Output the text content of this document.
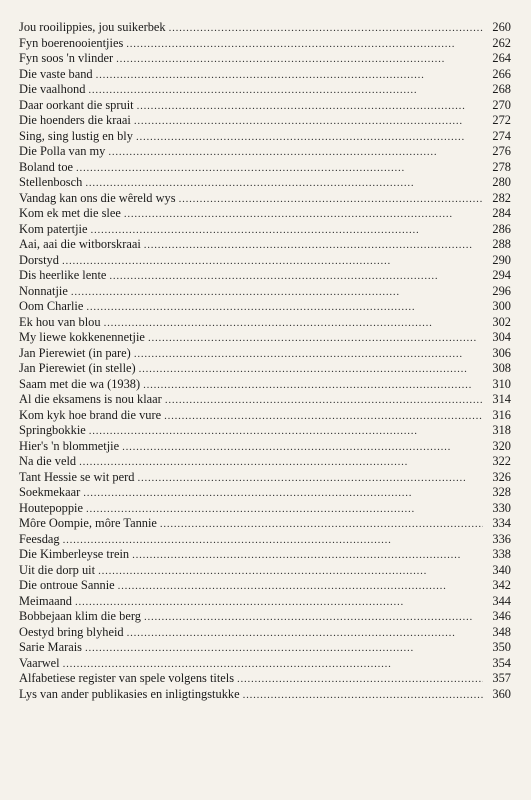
Jou rooilippies, jou suikerbek . . .	260
Fyn boerenooientjies . . .	262
Fyn soos 'n vlinder . . .	264
Die vaste band . . .	266
Die vaalhond . . .	268
Daar oorkant die spruit . . .	270
Die hoenders die kraai . . .	272
Sing, sing lustig en bly . . .	274
Die Polla van my . . .	276
Boland toe . . .	278
Stellenbosch . . .	280
Vandag kan ons die wêreld wys . . .	282
Kom ek met die slee . . .	284
Kom patertjie . . .	286
Aai, aai die witborskraai . . .	288
Dorstyd . . .	290
Dis heerlike lente . . .	294
Nonnatjie . . .	296
Oom Charlie . . .	300
Ek hou van blou . . .	302
My liewe kokkenennetjie . . .	304
Jan Pierewiet (in pare) . . .	306
Jan Pierewiet (in stelle) . . .	308
Saam met die wa (1938) . . .	310
Al die eksamens is nou klaar . . .	314
Kom kyk hoe brand die vure . . .	316
Springbokkie . . .	318
Hier's 'n blommetjie . . .	320
Na die veld . . .	322
Tant Hessie se wit perd . . .	326
Soekmekaar . . .	328
Houtepoppie . . .	330
Môre Oompie, môre Tannie . . .	334
Feesdag . . .	336
Die Kimberleyse trein . . .	338
Uit die dorp uit . . .	340
Die ontroue Sannie . . .	342
Meimaand . . .	344
Bobbejaan klim die berg . . .	346
Oestyd bring blyheid . . .	348
Sarie Marais . . .	350
Vaarwel . . .	354
Alfabetiese register van spele volgens titels . . .	357
Lys van ander publikasies en inligtingstukke . . .	360
